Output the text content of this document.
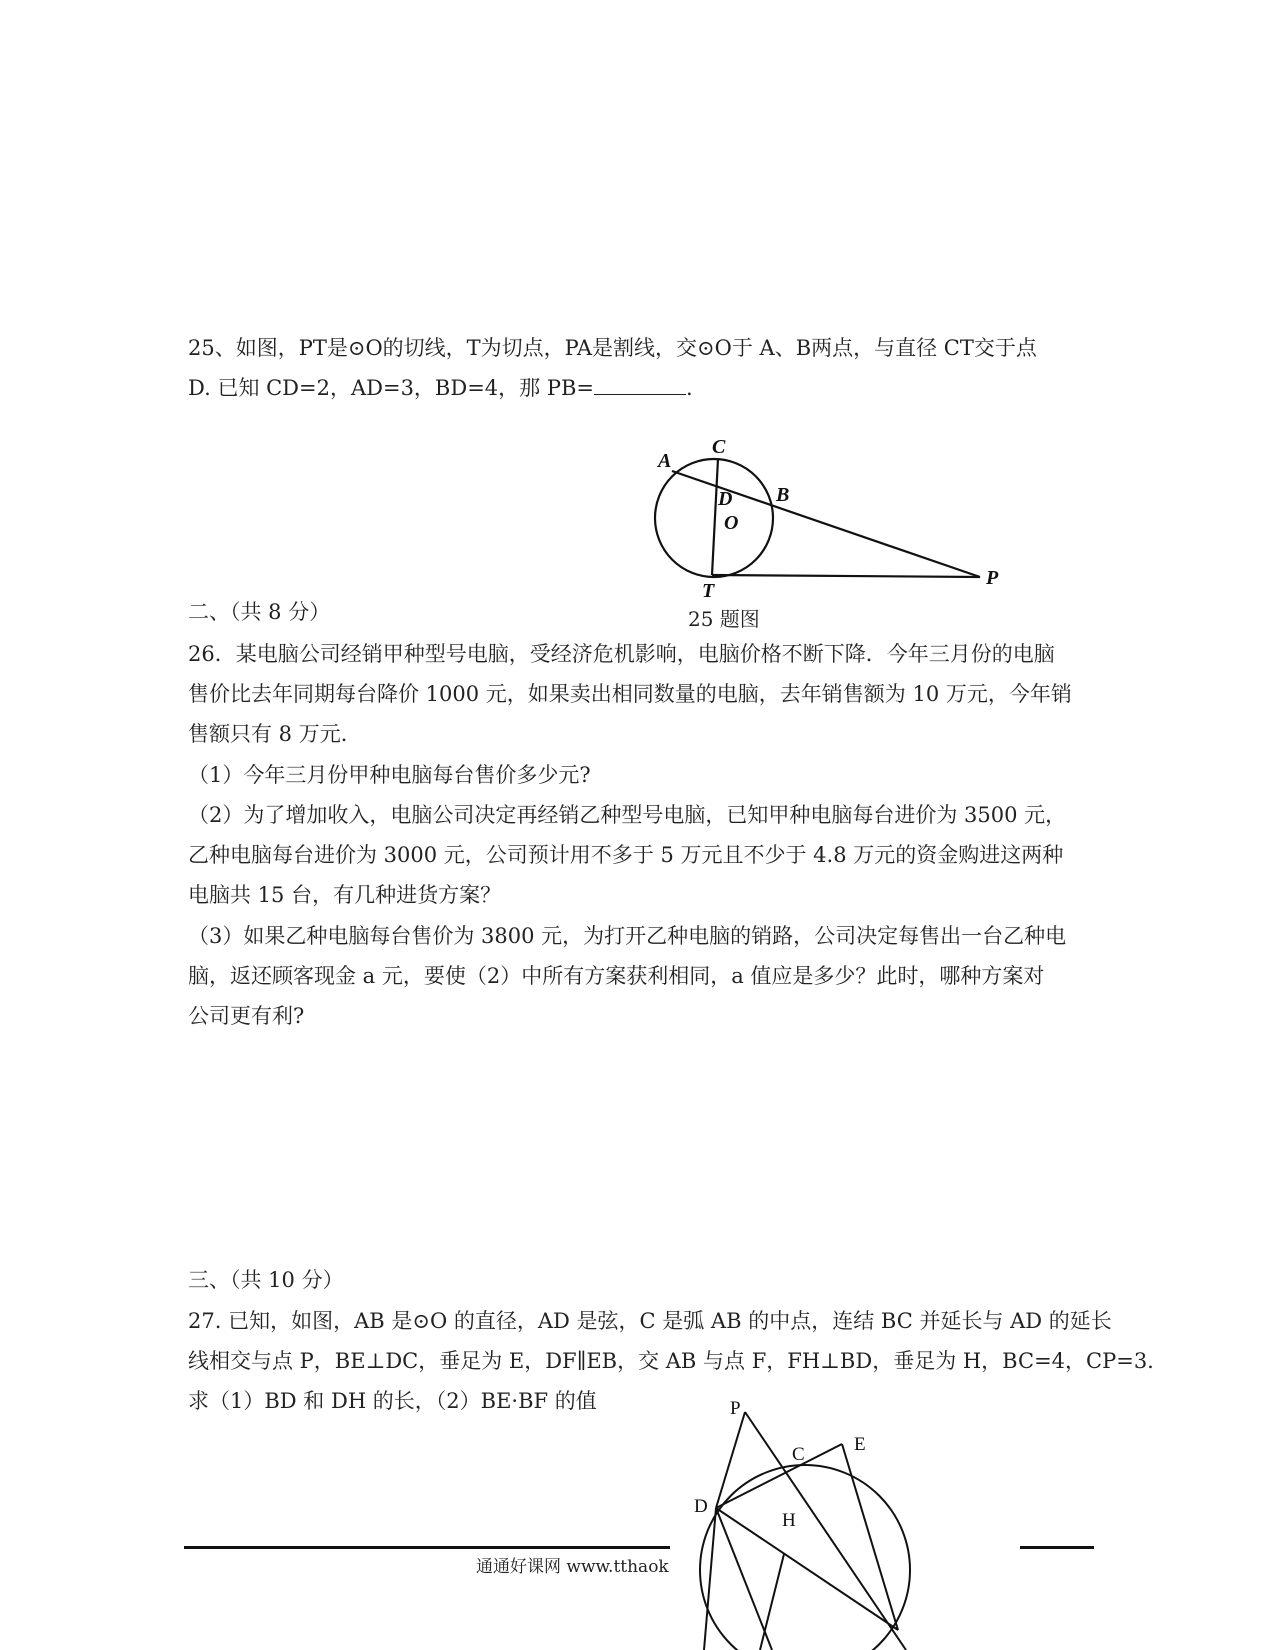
25、如图，PT是⊙O的切线，T为切点，PA是割线，交⊙O于 A、B两点，与直径 CT交于点

D. 已知 CD=2，AD=3，BD=4，那 PB=	.

A
C
D B
O
T
P
25 题图

二、（共 8 分）

26．某电脑公司经销甲种型号电脑，受经济危机影响，电脑价格不断下降．今年三月份的电脑

售价比去年同期每台降价 1000 元，如果卖出相同数量的电脑，去年销售额为 10 万元，今年销

售额只有 8 万元．

（1）今年三月份甲种电脑每台售价多少元?

（2）为了增加收入，电脑公司决定再经销乙种型号电脑，已知甲种电脑每台进价为 3500 元，

乙种电脑每台进价为 3000 元，公司预计用不多于 5 万元且不少于 4.8 万元的资金购进这两种

电脑共 15 台，有几种进货方案？

（3）如果乙种电脑每台售价为 3800 元，为打开乙种电脑的销路，公司决定每售出一台乙种电

脑，返还顾客现金 a 元，要使（2）中所有方案获利相同，a 值应是多少？此时，哪种方案对

公司更有利?

三、（共 10 分）

27. 已知，如图，AB 是⊙O 的直径，AD 是弦，C 是弧 AB 的中点，连结 BC 并延长与 AD 的延长

线相交与点 P，BE⊥DC，垂足为 E，DF∥EB，交 AB 与点 F，FH⊥BD，垂足为 H，BC=4，CP=3.

求（1）BD 和 DH 的长，（2）BE·BF 的值	P
C	E
D
H
通通好课网 www.tthaok
